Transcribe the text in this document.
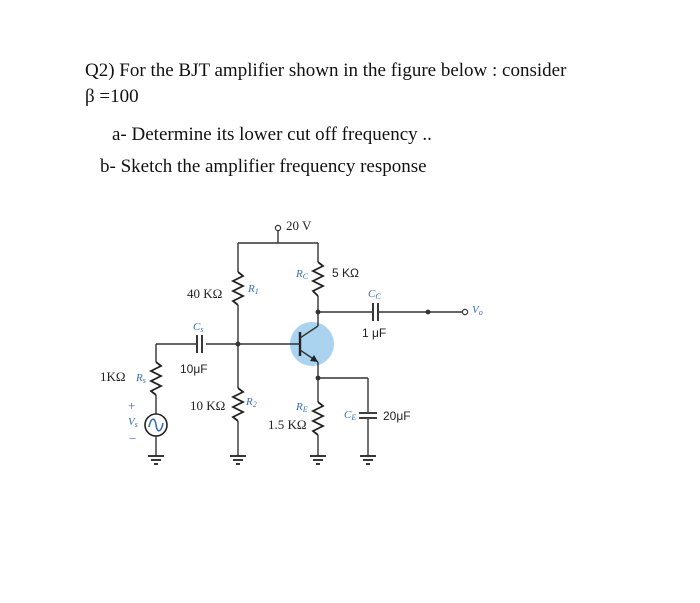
Q2) For the BJT amplifier shown in the figure below : consider
β =100
a- Determine its lower cut off frequency ..
b- Sketch the amplifier frequency response
20 V
40 KΩ R1
RC 5 KΩ
CC
1 μF
Vo
Cs
10μF
1KΩ Rs
+
Vs
−
10 KΩ R2	RE
1.5 KΩ
CE 20μF
